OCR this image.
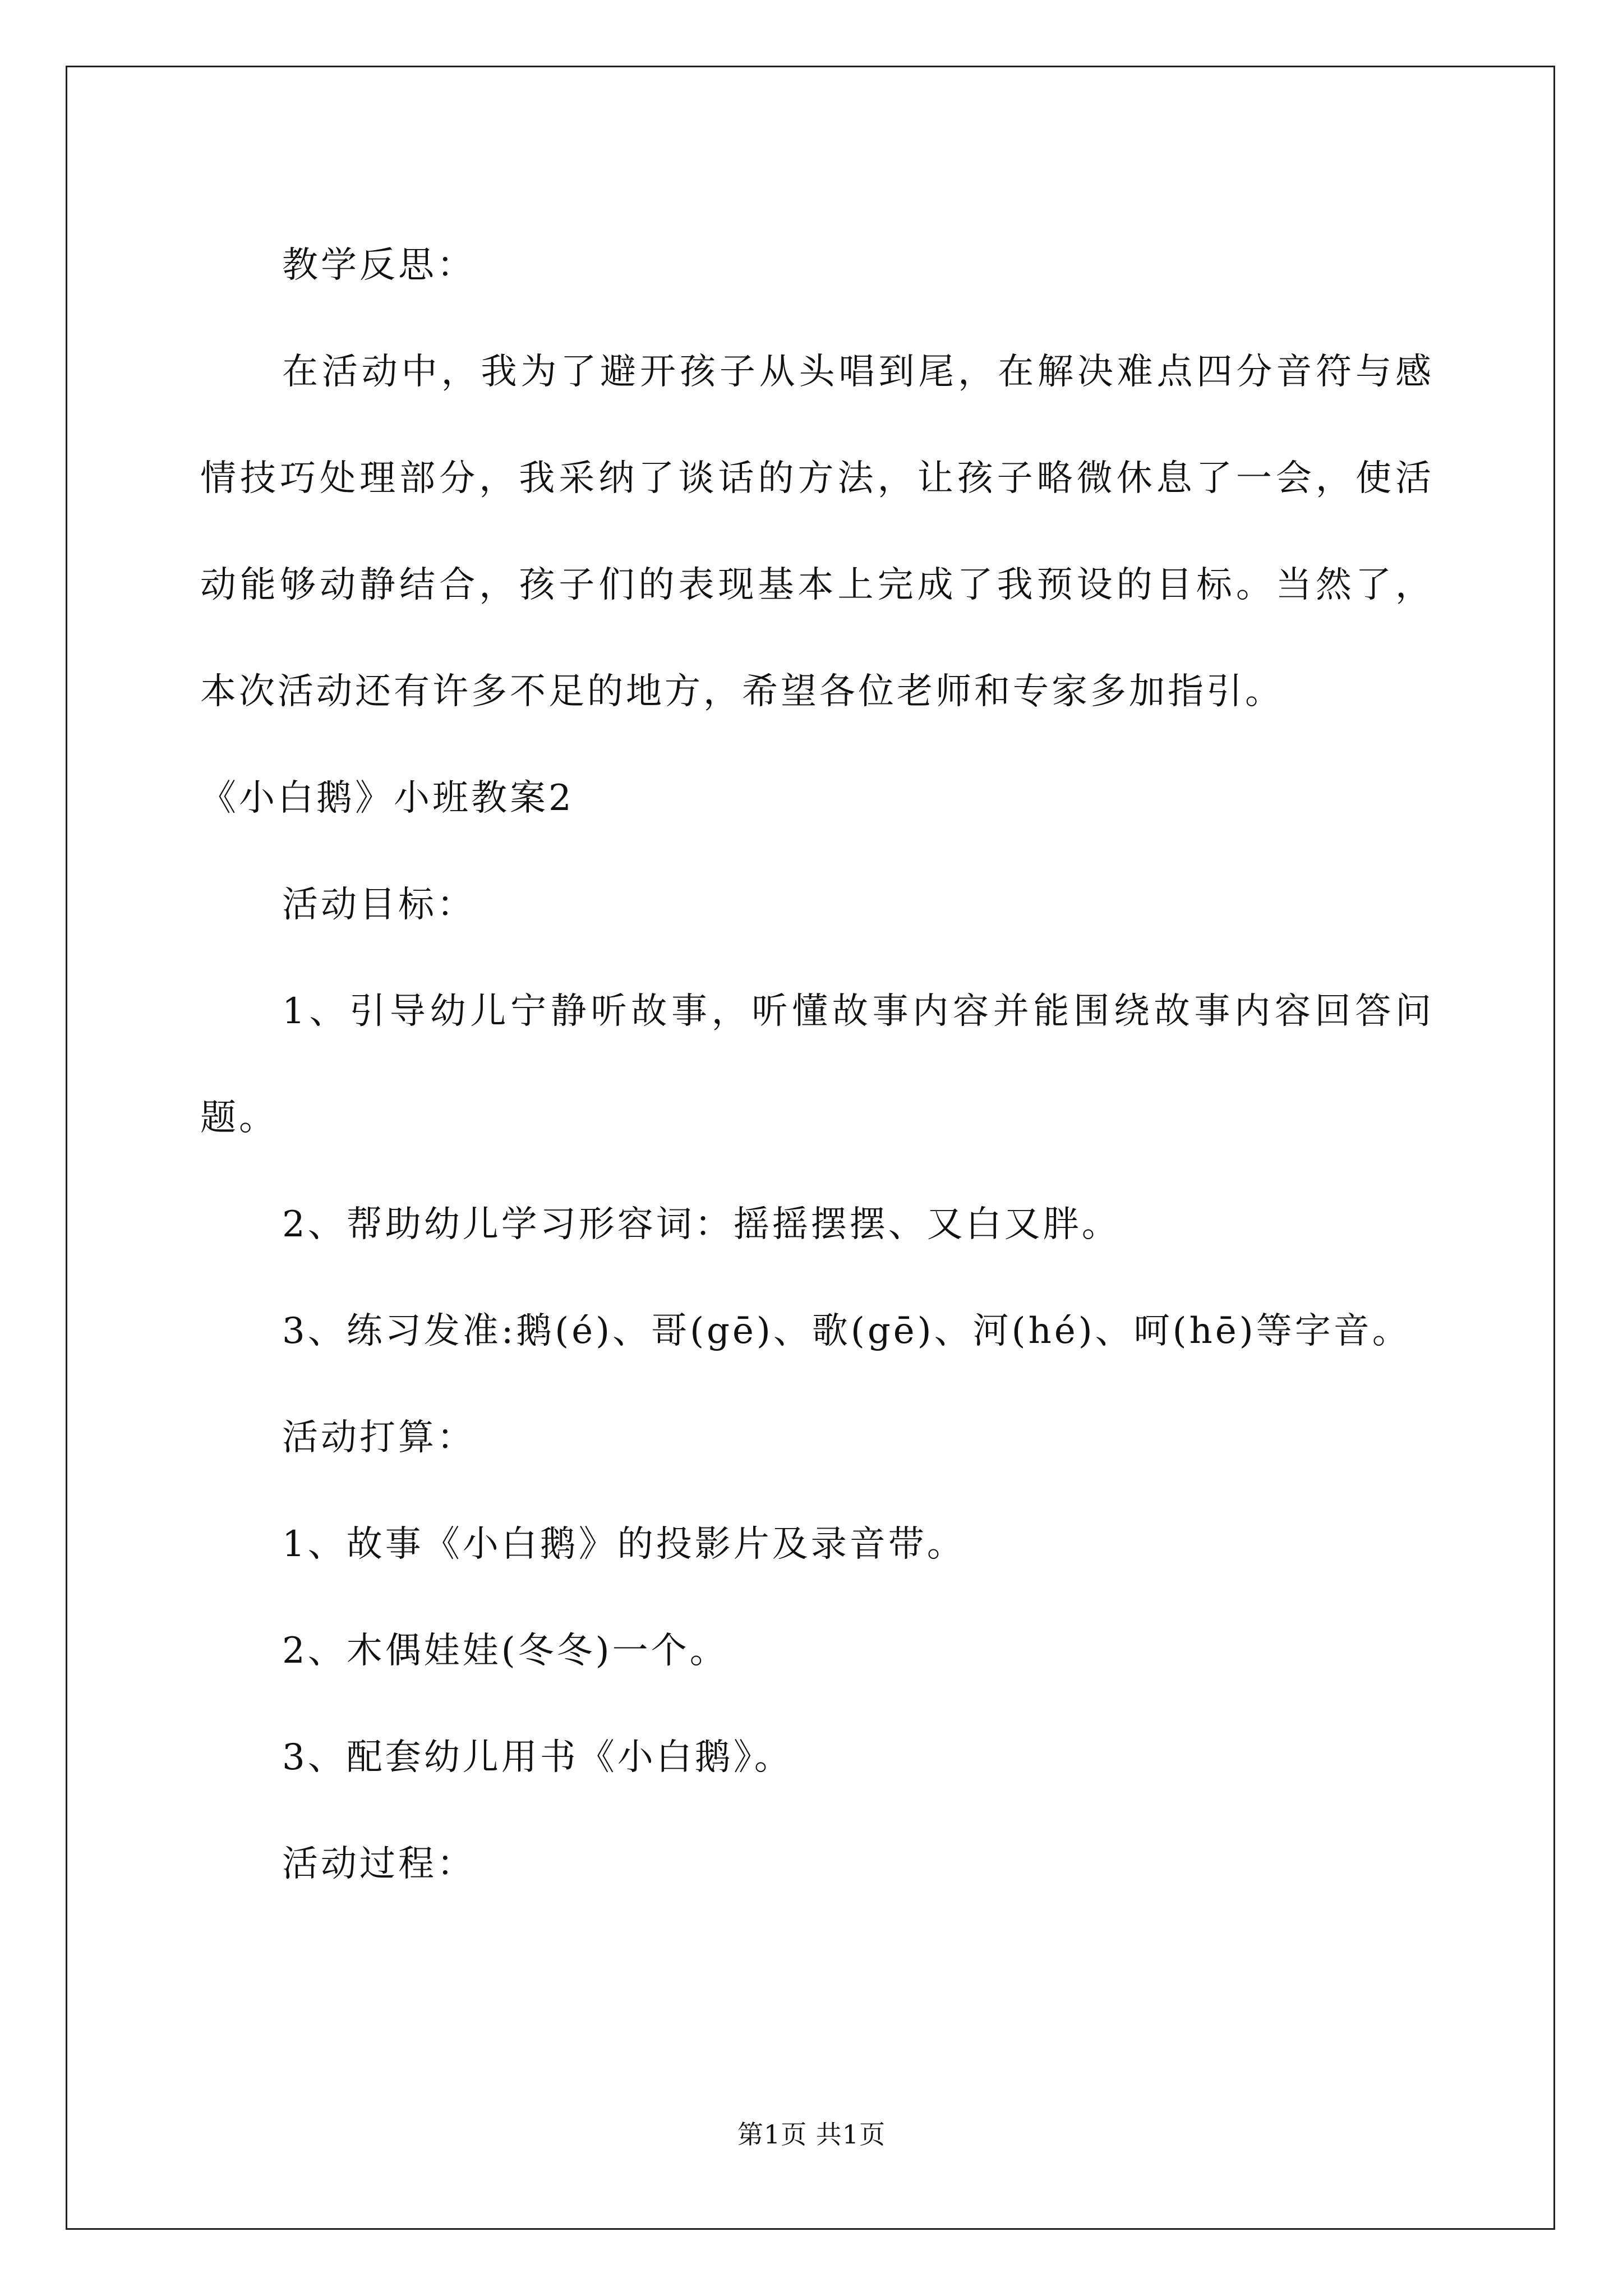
教学反思：

在活动中，我为了避开孩子从头唱到尾，在解决难点四分音符与感情技巧处理部分，我采纳了谈话的方法，让孩子略微休息了一会，使活动能够动静结合，孩子们的表现基本上完成了我预设的目标。当然了，本次活动还有许多不足的地方，希望各位老师和专家多加指引。

《小白鹅》小班教案2

活动目标：

1、引导幼儿宁静听故事，听懂故事内容并能围绕故事内容回答问题。

2、帮助幼儿学习形容词：摇摇摆摆、又白又胖。

3、练习发准:鹅(é)、哥(gē)、歌(gē)、河(hé)、呵(hē)等字音。

活动打算：

1、故事《小白鹅》的投影片及录音带。

2、木偶娃娃(冬冬)一个。

3、配套幼儿用书《小白鹅》。

活动过程：

第1页 共1页
